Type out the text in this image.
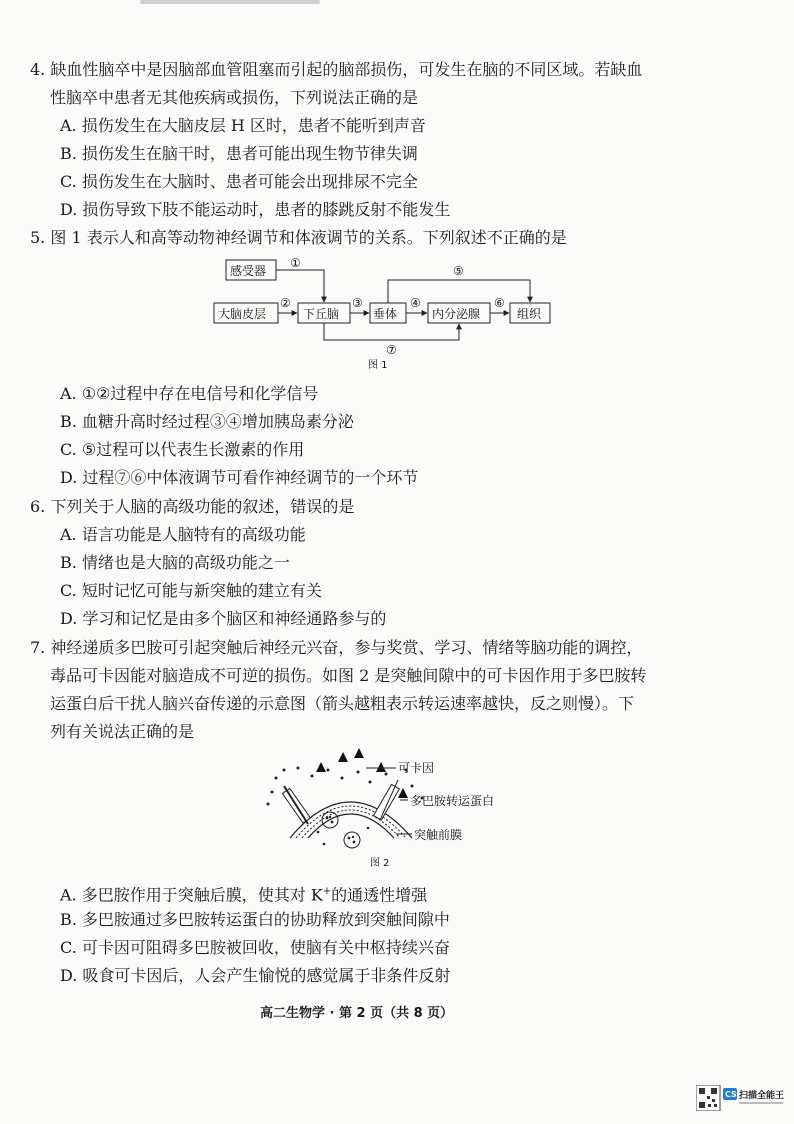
4. 缺血性脑卒中是因脑部血管阻塞而引起的脑部损伤，可发生在脑的不同区域。若缺血
性脑卒中患者无其他疾病或损伤，下列说法正确的是
A. 损伤发生在大脑皮层 H 区时，患者不能听到声音
B. 损伤发生在脑干时，患者可能出现生物节律失调
C. 损伤发生在大脑时、患者可能会出现排尿不完全
D. 损伤导致下肢不能运动时，患者的膝跳反射不能发生
5. 图 1 表示人和高等动物神经调节和体液调节的关系。下列叙述不正确的是
感受器
大脑皮层	下丘脑	垂体	内分泌腺	组织
①
②	③	④
⑤
⑥
⑦
图 1
A. ①②过程中存在电信号和化学信号
B. 血糖升高时经过程③④增加胰岛素分泌
C. ⑤过程可以代表生长激素的作用
D. 过程⑦⑥中体液调节可看作神经调节的一个环节
6. 下列关于人脑的高级功能的叙述，错误的是
A. 语言功能是人脑特有的高级功能
B. 情绪也是大脑的高级功能之一
C. 短时记忆可能与新突触的建立有关
D. 学习和记忆是由多个脑区和神经通路参与的
7. 神经递质多巴胺可引起突触后神经元兴奋，参与奖赏、学习、情绪等脑功能的调控，
毒品可卡因能对脑造成不可逆的损伤。如图 2 是突触间隙中的可卡因作用于多巴胺转
运蛋白后干扰人脑兴奋传递的示意图（箭头越粗表示转运速率越快，反之则慢）。下
列有关说法正确的是
可卡因
多巴胺转运蛋白
突触前膜
图 2
A. 多巴胺作用于突触后膜，使其对 K+的通透性增强
B. 多巴胺通过多巴胺转运蛋白的协助释放到突触间隙中
C. 可卡因可阻碍多巴胺被回收，使脑有关中枢持续兴奋
D. 吸食可卡因后，人会产生愉悦的感觉属于非条件反射
高二生物学 · 第 2 页（共 8 页）
CS 扫描全能王
